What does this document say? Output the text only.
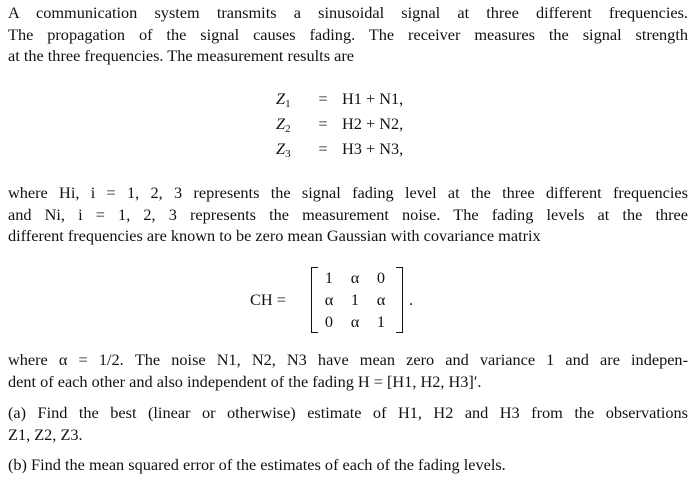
A communication system transmits a sinusoidal signal at three different frequencies.
The propagation of the signal causes fading. The receiver measures the signal strength
at the three frequencies. The measurement results are
$Z_1$	= H1 + N1,
$Z_2$	= H2 + N2,
$Z_3$	= H3 + N3,
where Hi, i = 1, 2, 3 represents the signal fading level at the three different frequencies
and Ni, i = 1, 2, 3 represents the measurement noise. The fading levels at the three
different frequencies are known to be zero mean Gaussian with covariance matrix
CH =
1	α	0
α	1	α
0	α	1
.
where α = 1/2. The noise N1, N2, N3 have mean zero and variance 1 and are indepen-
dent of each other and also independent of the fading H = [H1, H2, H3]′.
(a) Find the best (linear or otherwise) estimate of H1, H2 and H3 from the observations
Z1, Z2, Z3.
(b) Find the mean squared error of the estimates of each of the fading levels.
